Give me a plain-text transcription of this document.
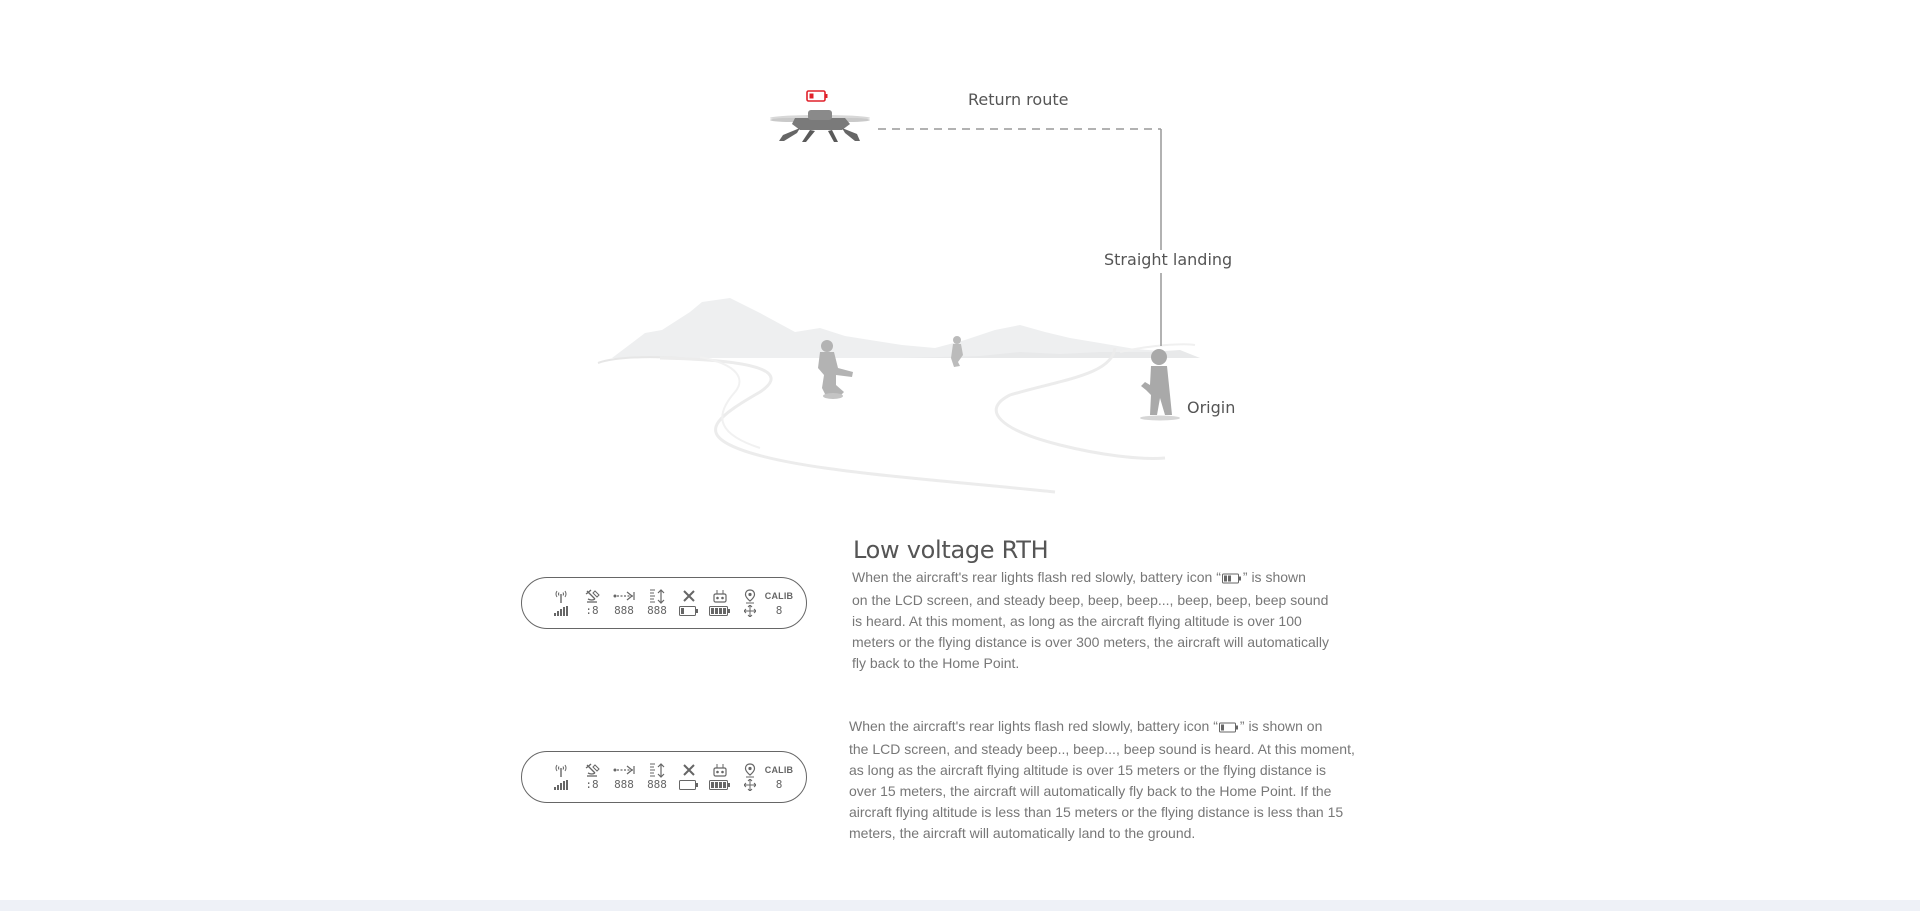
Return route
Straight landing
Origin
:8	888	888
CALIB
8
:8	888	888
CALIB
8
Low voltage RTH
When the aircraft's rear lights flash red slowly, battery icon “ ” is shown
on the LCD screen, and steady beep, beep, beep..., beep, beep, beep sound
is heard. At this moment, as long as the aircraft flying altitude is over 100
meters or the flying distance is over 300 meters, the aircraft will automatically
fly back to the Home Point.
When the aircraft's rear lights flash red slowly, battery icon “ ” is shown on
the LCD screen, and steady beep.., beep..., beep sound is heard. At this moment,
as long as the aircraft flying altitude is over 15 meters or the flying distance is
over 15 meters, the aircraft will automatically fly back to the Home Point. If the
aircraft flying altitude is less than 15 meters or the flying distance is less than 15
meters, the aircraft will automatically land to the ground.
